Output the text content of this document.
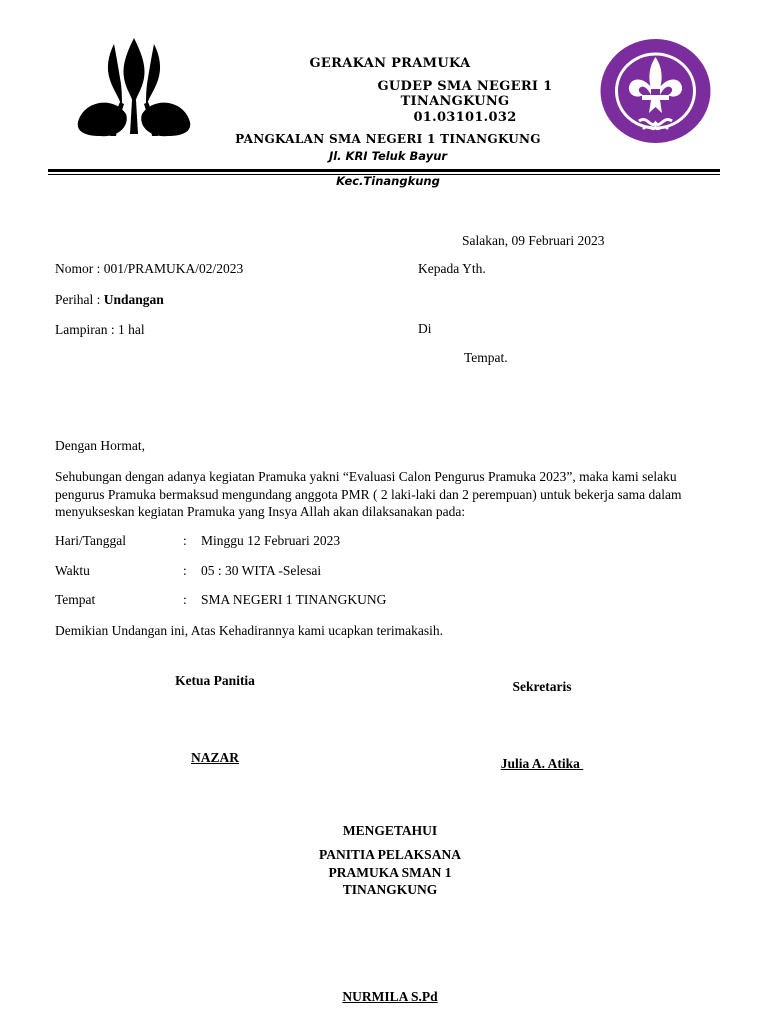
GERAKAN PRAMUKA
GUDEP SMA NEGERI 1
TINANGKUNG
01.03101.032
PANGKALAN SMA NEGERI 1 TINANGKUNG
Jl. KRI Teluk Bayur
Kec.Tinangkung
Salakan, 09 Februari 2023
Nomor : 001/PRAMUKA/02/2023	Kepada Yth.
Perihal : Undangan
Lampiran : 1 hal	Di
Tempat.
Dengan Hormat,
Sehubungan dengan adanya kegiatan Pramuka yakni “Evaluasi Calon Pengurus Pramuka 2023”, maka kami selaku
pengurus Pramuka bermaksud mengundang anggota PMR ( 2 laki-laki dan 2 perempuan) untuk bekerja sama dalam
menyukseskan kegiatan Pramuka yang Insya Allah akan dilaksanakan pada:
Hari/Tanggal	: Minggu 12 Februari 2023
Waktu	: 05 : 30 WITA -Selesai
Tempat	: SMA NEGERI 1 TINANGKUNG
Demikian Undangan ini, Atas Kehadirannya kami ucapkan terimakasih.
Ketua Panitia
NAZAR
Sekretaris
Julia A. Atika
MENGETAHUI
PANITIA PELAKSANA
PRAMUKA SMAN 1
TINANGKUNG
NURMILA S.Pd
